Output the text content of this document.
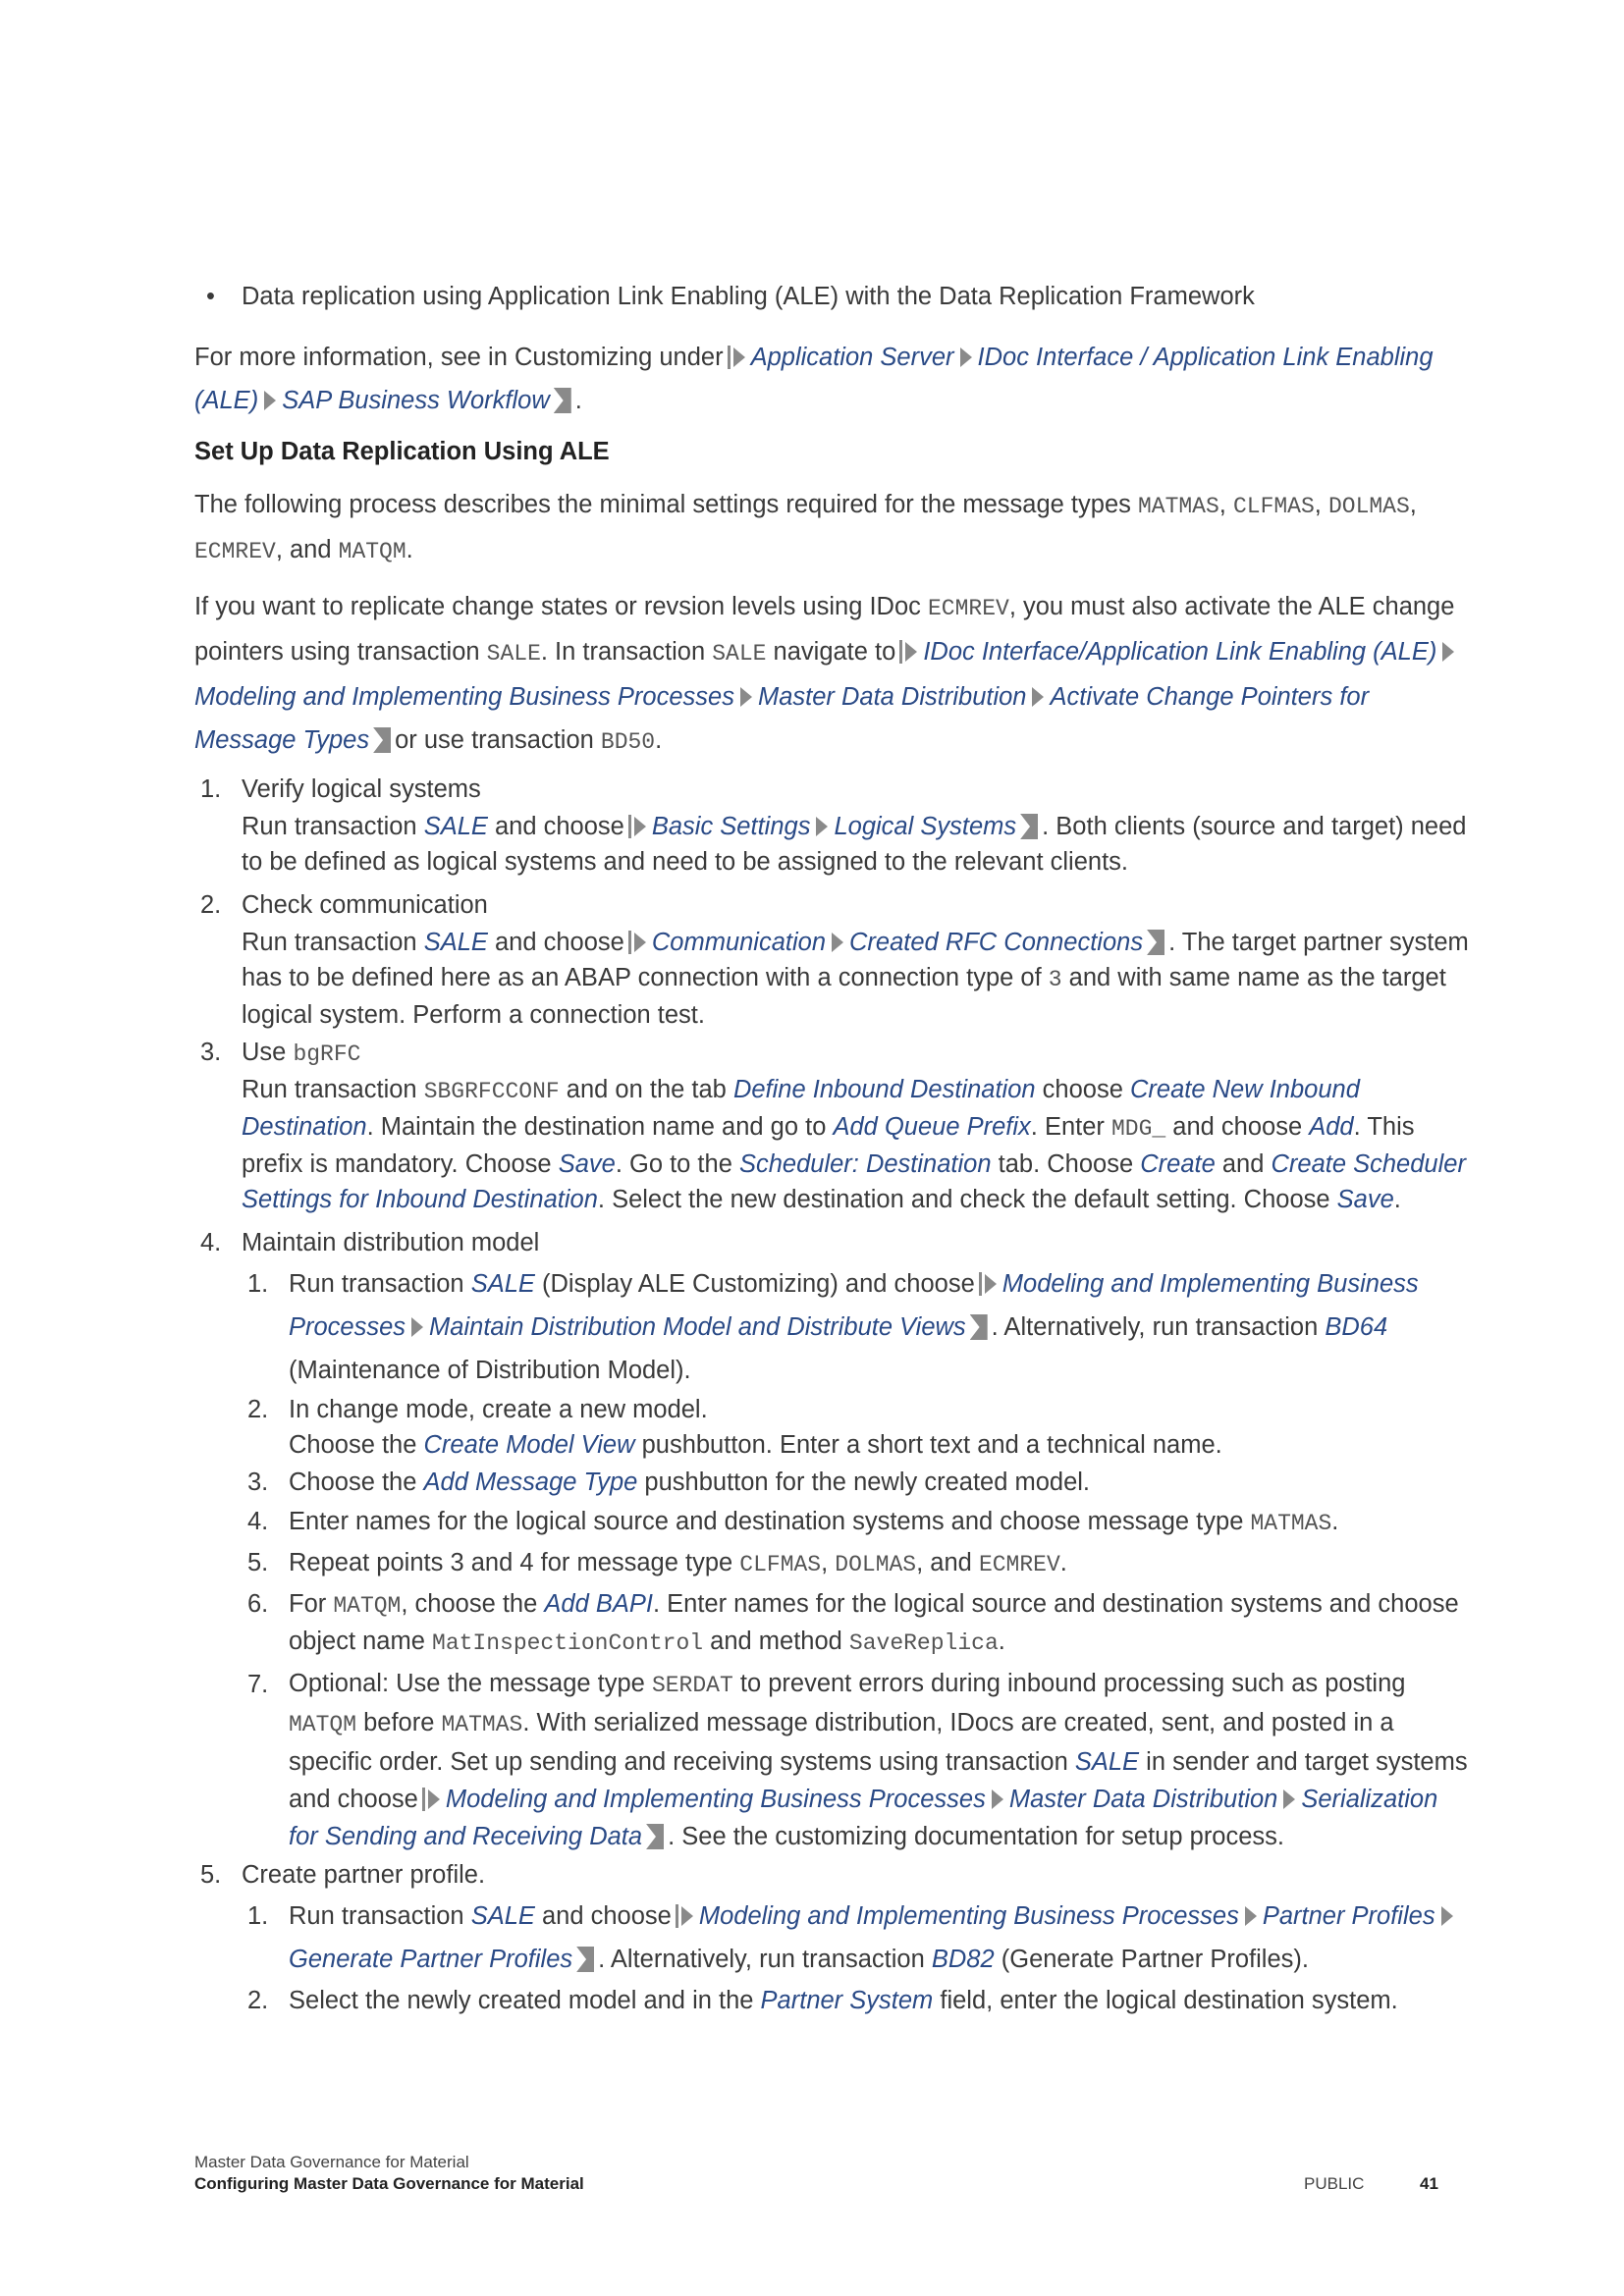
• Data replication using Application Link Enabling (ALE) with the Data Replication Framework

For more information, see in Customizing under Application Server IDoc Interface / Application Link Enabling (ALE) SAP Business Workflow .

Set Up Data Replication Using ALE

The following process describes the minimal settings required for the message types MATMAS, CLFMAS, DOLMAS, ECMREV, and MATQM.

If you want to replicate change states or revsion levels using IDoc ECMREV, you must also activate the ALE change pointers using transaction SALE. In transaction SALE navigate to IDoc Interface/Application Link Enabling (ALE)Modeling and Implementing Business Processes Master Data Distribution Activate Change Pointers for Message Types or use transaction BD50.

1. Verify logical systems
Run transaction SALE and choose Basic Settings Logical Systems . Both clients (source and target) need to be defined as logical systems and need to be assigned to the relevant clients.
2. Check communication
Run transaction SALE and choose Communication Created RFC Connections . The target partner system has to be defined here as an ABAP connection with a connection type of 3 and with same name as the target logical system. Perform a connection test.
3. Use bgRFC
Run transaction SBGRFCCONF and on the tab Define Inbound Destination choose Create New Inbound Destination. Maintain the destination name and go to Add Queue Prefix. Enter MDG_ and choose Add. This prefix is mandatory. Choose Save. Go to the Scheduler: Destination tab. Choose Create and Create Scheduler Settings for Inbound Destination. Select the new destination and check the default setting. Choose Save.
4. Maintain distribution model
1. Run transaction SALE (Display ALE Customizing) and choose Modeling and Implementing Business Processes Maintain Distribution Model and Distribute Views . Alternatively, run transaction BD64 (Maintenance of Distribution Model).
2. In change mode, create a new model.
Choose the Create Model View pushbutton. Enter a short text and a technical name.
3. Choose the Add Message Type pushbutton for the newly created model.
4. Enter names for the logical source and destination systems and choose message type MATMAS.
5. Repeat points 3 and 4 for message type CLFMAS, DOLMAS, and ECMREV.
6. For MATQM, choose the Add BAPI. Enter names for the logical source and destination systems and choose object name MatInspectionControl and method SaveReplica.
7. Optional: Use the message type SERDAT to prevent errors during inbound processing such as posting MATQM before MATMAS. With serialized message distribution, IDocs are created, sent, and posted in a specific order. Set up sending and receiving systems using transaction SALE in sender and target systems and choose Modeling and Implementing Business Processes Master Data Distribution Serialization for Sending and Receiving Data . See the customizing documentation for setup process.
5. Create partner profile.
1. Run transaction SALE and choose Modeling and Implementing Business Processes Partner ProfilesGenerate Partner Profiles . Alternatively, run transaction BD82 (Generate Partner Profiles).
2. Select the newly created model and in the Partner System field, enter the logical destination system.
Master Data Governance for Material
Configuring Master Data Governance for Material	PUBLIC	41
